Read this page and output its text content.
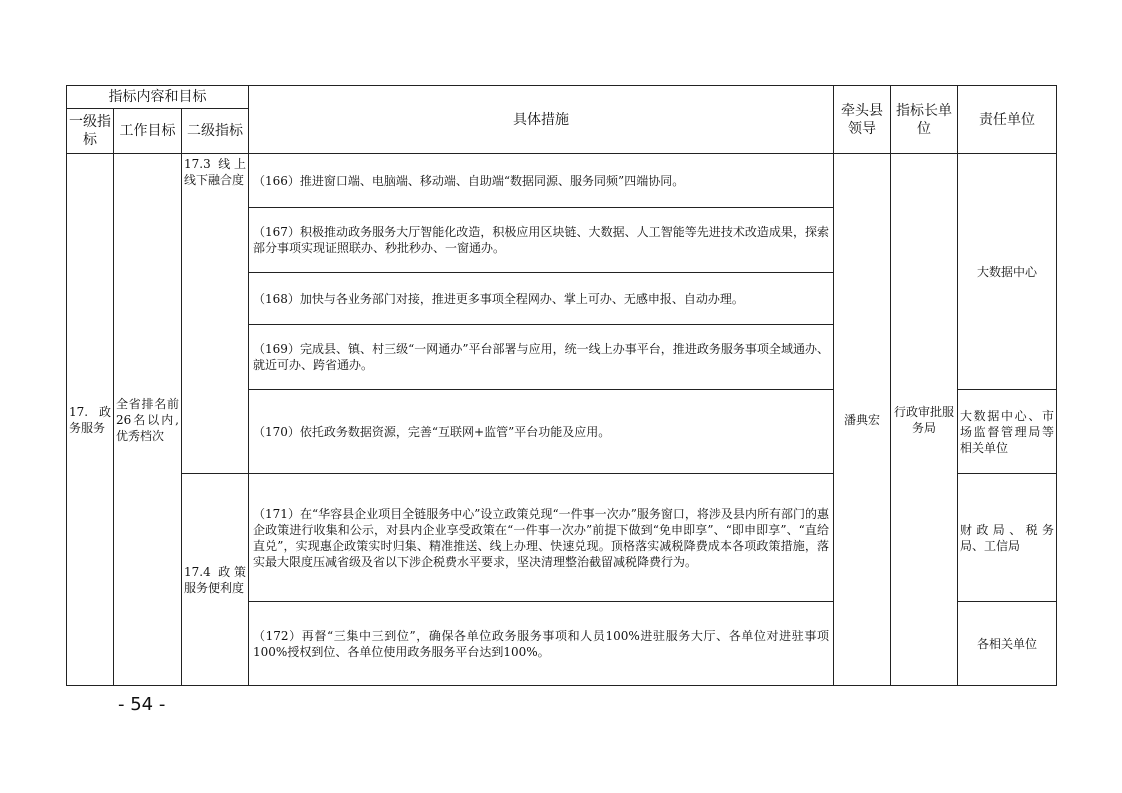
指标内容和目标			具体措施	牵头县领导	指标长单位	责任单位
一级指标	工作目标	二级指标				
17.政务服务	全省排名前26名以内,优秀档次	17.3 线上线下融合度	（166）推进窗口端、电脑端、移动端、自助端“数据同源、服务同频”四端协同。	潘典宏	行政审批服务局	大数据中心
			（167）积极推动政务服务大厅智能化改造，积极应用区块链、大数据、人工智能等先进技术改造成果，探索部分事项实现证照联办、秒批秒办、一窗通办。			
			（168）加快与各业务部门对接，推进更多事项全程网办、掌上可办、无感申报、自动办理。			
			（169）完成县、镇、村三级“一网通办”平台部署与应用，统一线上办事平台，推进政务服务事项全域通办、就近可办、跨省通办。			
			（170）依托政务数据资源，完善“互联网+监管”平台功能及应用。			大数据中心、市场监督管理局等相关单位
		17.4 政策服务便利度	（171）在“华容县企业项目全链服务中心”设立政策兑现“一件事一次办”服务窗口，将涉及县内所有部门的惠企政策进行收集和公示，对县内企业享受政策在“一件事一次办”前提下做到“免申即享”、“即申即享”、“直给直兑”，实现惠企政策实时归集、精准推送、线上办理、快速兑现。顶格落实减税降费成本各项政策措施，落实最大限度压减省级及省以下涉企税费水平要求，坚决清理整治截留减税降费行为。			财政局、税务局、工信局
			（172）再督“三集中三到位”，确保各单位政务服务事项和人员100%进驻服务大厅、各单位对进驻事项100%授权到位、各单位使用政务服务平台达到100%。			各相关单位
- 54 -
